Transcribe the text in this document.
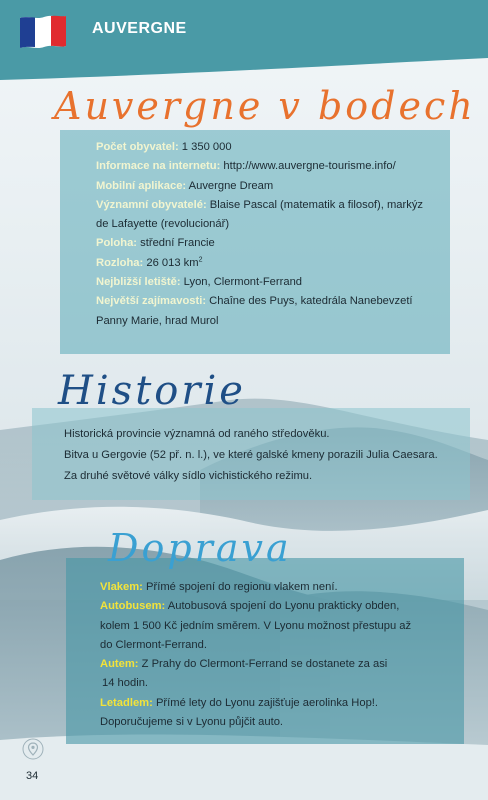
AUVERGNE
Auvergne v bodech
Počet obyvatel: 1 350 000
Informace na internetu: http://www.auvergne-tourisme.info/
Mobilní aplikace: Auvergne Dream
Významní obyvatelé: Blaise Pascal (matematik a filosof), markýz
de Lafayette (revolucionář)
Poloha: střední Francie
Rozloha: 26 013 $km^2$
Nejbližší letiště: Lyon, Clermont-Ferrand
Největší zajímavosti: Chaîne des Puys, katedrála Nanebevzetí
Panny Marie, hrad Murol
Historie
Historická provincie významná od raného středověku.
Bitva u Gergovie (52 př. n. l.), ve které galské kmeny porazili Julia Caesara.
Za druhé světové války sídlo vichistického režimu.
Doprava
Vlakem: Přímé spojení do regionu vlakem není.
Autobusem: Autobusová spojení do Lyonu prakticky obden,
kolem 1 500 Kč jedním směrem. V Lyonu možnost přestupu až
do Clermont-Ferrand.
Autem: Z Prahy do Clermont-Ferrand se dostanete za asi
14 hodin.
Letadlem: Přímé lety do Lyonu zajišťuje aerolinka Hop!.
Doporučujeme si v Lyonu půjčit auto.
34
